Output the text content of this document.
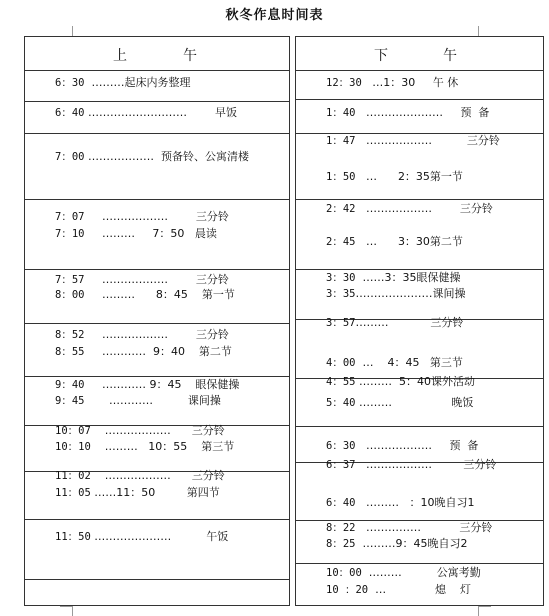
秋冬作息时间表
上	午
6：30  ………起床内务整理
6：40 ………………………        早饭
7：00 ………………  预备铃、公寓清楼
7：07     ………………        三分铃
7：10     ………     7：50   晨读
7：57     ………………        三分铃
8：00     ………      8：45    第一节
8：52     ………………        三分铃
8：55     …………  9：40    第二节
9：40     ………… 9：45    眼保健操
9：45       …………          课间操
10：07    ………………      三分铃
10：10    ………   10：55    第三节
11：02    ………………      三分铃
11：05 ……11：50         第四节
11：50 …………………          午饭
下	午
12：30   …1：30     午 休
1：40   …………………     预  备
1：47   ………………          三分铃
1：50   …      2：35第一节
2：42   ………………        三分铃
2：45   …      3：30第二节
3：30  ……3：35眼保健操
3：35…………………课间操
3：57………            三分铃
4：00  …    4：45   第三节
4：55 ………  5：40课外活动
5：40 ………                 晚饭
6：30   ………………     预  备
6：37   ………………         三分铃
6：40   ………   ：10晚自习1
8：22   ……………           三分铃
8：25  ………9：45晚自习2
10：00  ………          公寓考勤
10 ：20  …              熄    灯
